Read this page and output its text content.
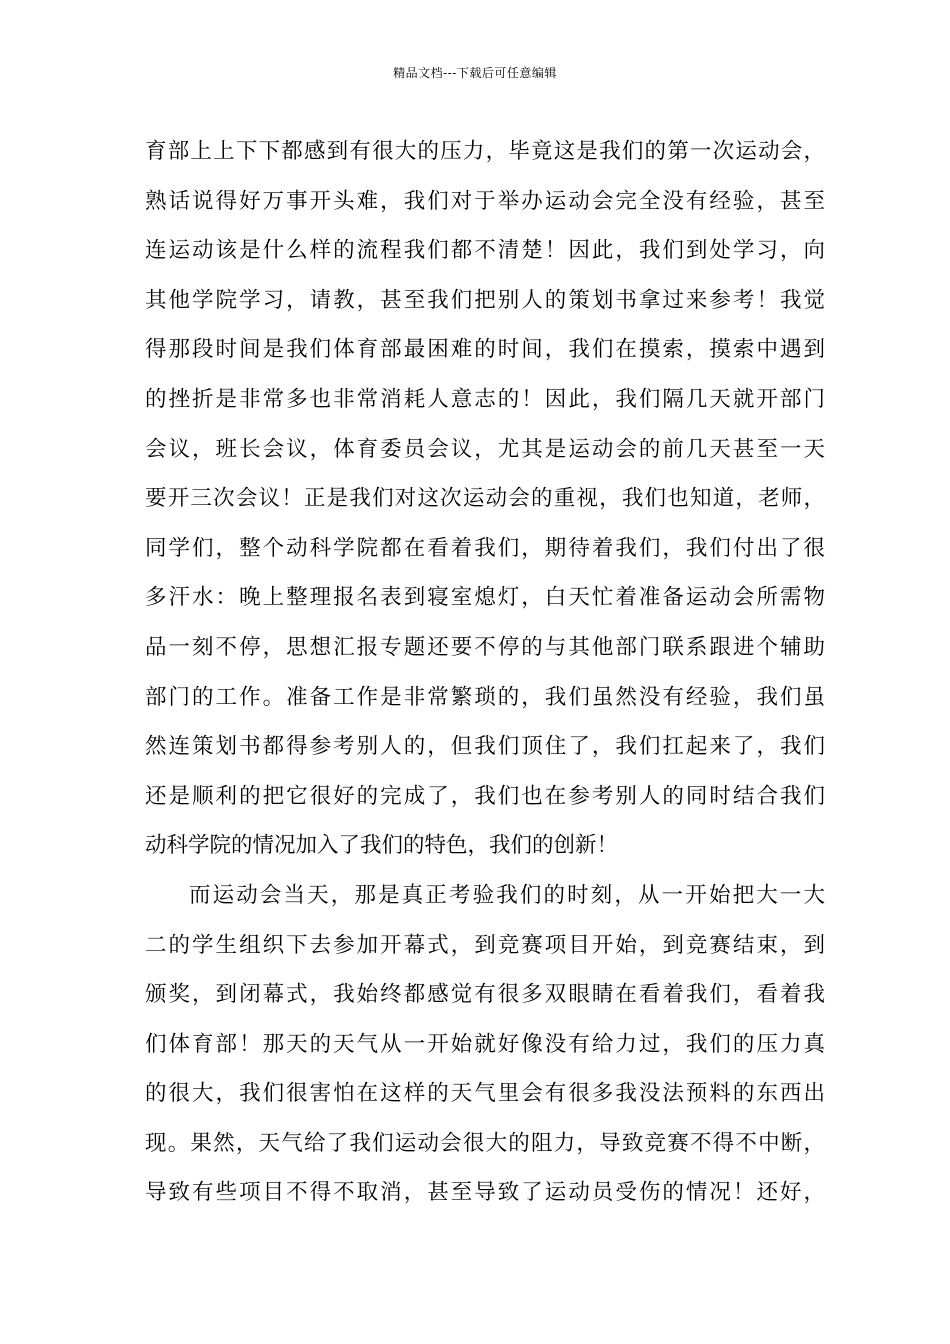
精品文档---下载后可任意编辑
育部上上下下都感到有很大的压力，毕竟这是我们的第一次运动会，
熟话说得好万事开头难，我们对于举办运动会完全没有经验，甚至
连运动该是什么样的流程我们都不清楚！因此，我们到处学习，向
其他学院学习，请教，甚至我们把别人的策划书拿过来参考！我觉
得那段时间是我们体育部最困难的时间，我们在摸索，摸索中遇到
的挫折是非常多也非常消耗人意志的！因此，我们隔几天就开部门
会议，班长会议，体育委员会议，尤其是运动会的前几天甚至一天
要开三次会议！正是我们对这次运动会的重视，我们也知道，老师，
同学们，整个动科学院都在看着我们，期待着我们，我们付出了很
多汗水：晚上整理报名表到寝室熄灯，白天忙着准备运动会所需物
品一刻不停，思想汇报专题还要不停的与其他部门联系跟进个辅助
部门的工作。准备工作是非常繁琐的，我们虽然没有经验，我们虽
然连策划书都得参考别人的，但我们顶住了，我们扛起来了，我们
还是顺利的把它很好的完成了，我们也在参考别人的同时结合我们
动科学院的情况加入了我们的特色，我们的创新！
而运动会当天，那是真正考验我们的时刻，从一开始把大一大
二的学生组织下去参加开幕式，到竞赛项目开始，到竞赛结束，到
颁奖，到闭幕式，我始终都感觉有很多双眼睛在看着我们，看着我
们体育部！那天的天气从一开始就好像没有给力过，我们的压力真
的很大，我们很害怕在这样的天气里会有很多我没法预料的东西出
现。果然，天气给了我们运动会很大的阻力，导致竞赛不得不中断，
导致有些项目不得不取消，甚至导致了运动员受伤的情况！还好，
